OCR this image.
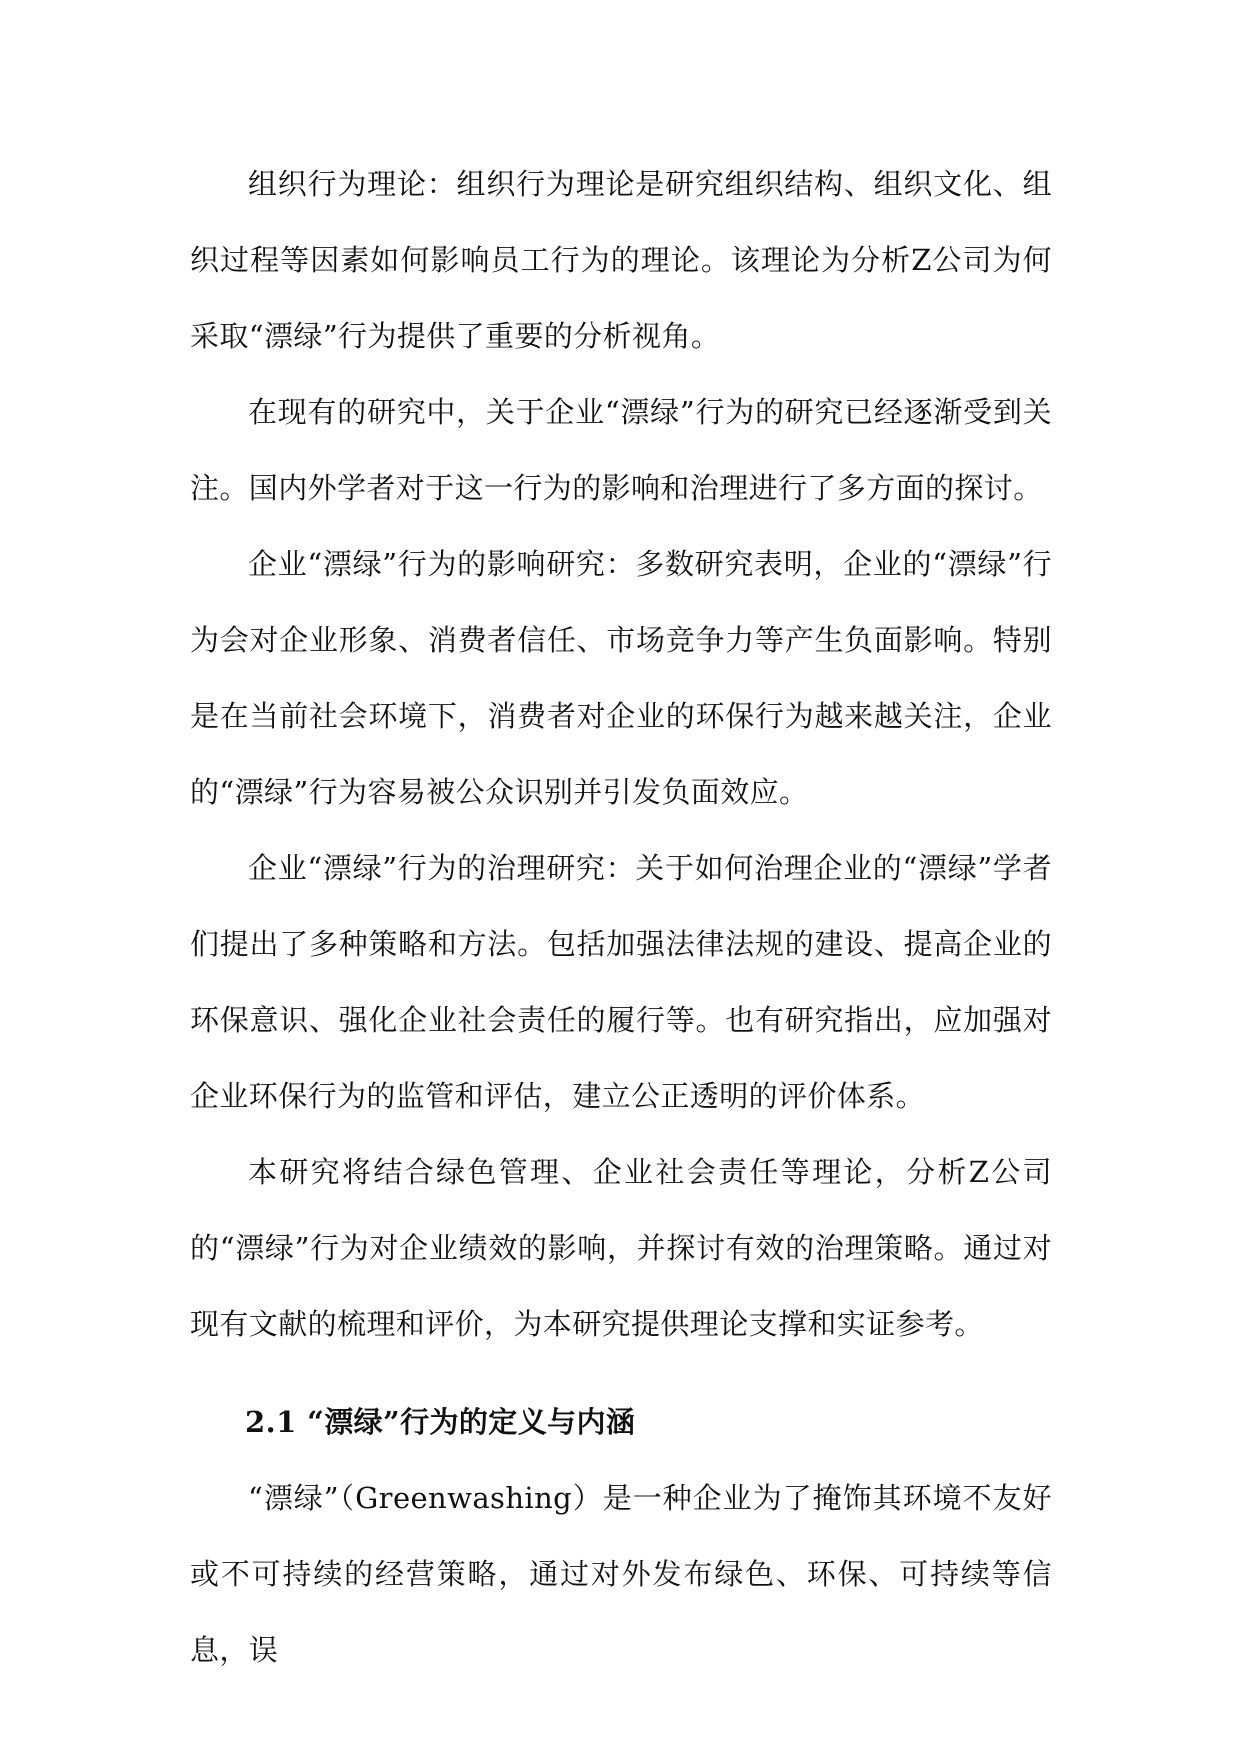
组织行为理论：组织行为理论是研究组织结构、组织文化、组织过程等因素如何影响员工行为的理论。该理论为分析Z公司为何采取“漂绿”行为提供了重要的分析视角。

在现有的研究中，关于企业“漂绿”行为的研究已经逐渐受到关注。国内外学者对于这一行为的影响和治理进行了多方面的探讨。

企业“漂绿”行为的影响研究：多数研究表明，企业的“漂绿”行为会对企业形象、消费者信任、市场竞争力等产生负面影响。特别是在当前社会环境下，消费者对企业的环保行为越来越关注，企业的“漂绿”行为容易被公众识别并引发负面效应。

企业“漂绿”行为的治理研究：关于如何治理企业的“漂绿”学者们提出了多种策略和方法。包括加强法律法规的建设、提高企业的环保意识、强化企业社会责任的履行等。也有研究指出，应加强对企业环保行为的监管和评估，建立公正透明的评价体系。

本研究将结合绿色管理、企业社会责任等理论，分析Z公司的“漂绿”行为对企业绩效的影响，并探讨有效的治理策略。通过对现有文献的梳理和评价，为本研究提供理论支撑和实证参考。

2.1 “漂绿”行为的定义与内涵

“漂绿”（Greenwashing）是一种企业为了掩饰其环境不友好或不可持续的经营策略，通过对外发布绿色、环保、可持续等信息，误
